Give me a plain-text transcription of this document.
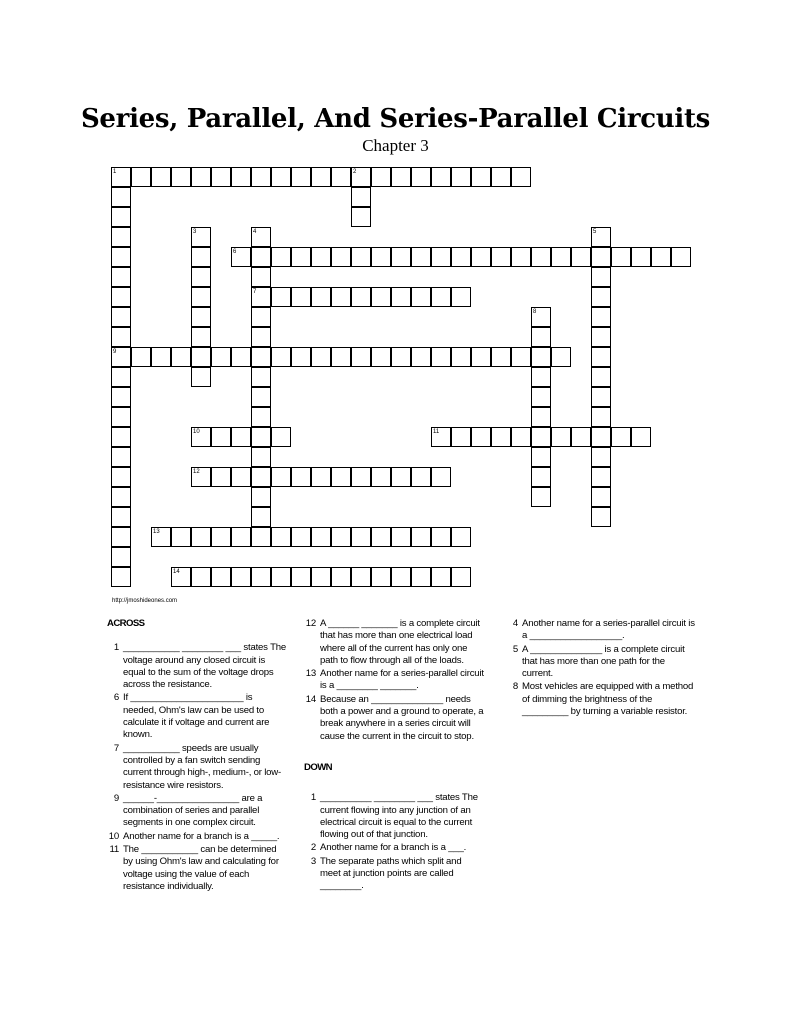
Series, Parallel, And Series-Parallel Circuits
Chapter 3
1	2
3	4	5
6
7
8
9
10	11
12
13
14
http://jmoshideones.com
ACROSS
1 ___________ ________ ___ states The voltage around any closed circuit is equal to the sum of the voltage drops across the resistance.
6 If ______________________ is needed, Ohm's law can be used to calculate it if voltage and current are known.
7 ___________ speeds are usually controlled by a fan switch sending current through high-, medium-, or low-resistance wire resistors.
9 ______-________________ are a combination of series and parallel segments in one complex circuit.
10 Another name for a branch is a _____.
11 The ___________ can be determined by using Ohm's law and calculating for voltage using the value of each resistance individually.
12 A ______ _______ is a complete circuit that has more than one electrical load where all of the current has only one path to flow through all of the loads.
13 Another name for a series-parallel circuit is a ________ _______.
14 Because an ______________ needs both a power and a ground to operate, a break anywhere in a series circuit will cause the current in the circuit to stop.
DOWN
1 __________ ________ ___ states The current flowing into any junction of an electrical circuit is equal to the current flowing out of that junction.
2 Another name for a branch is a ___.
3 The separate paths which split and meet at junction points are called ________.
4 Another name for a series-parallel circuit is a __________________.
5 A ______________ is a complete circuit that has more than one path for the current.
8 Most vehicles are equipped with a method of dimming the brightness of the _________ by turning a variable resistor.
